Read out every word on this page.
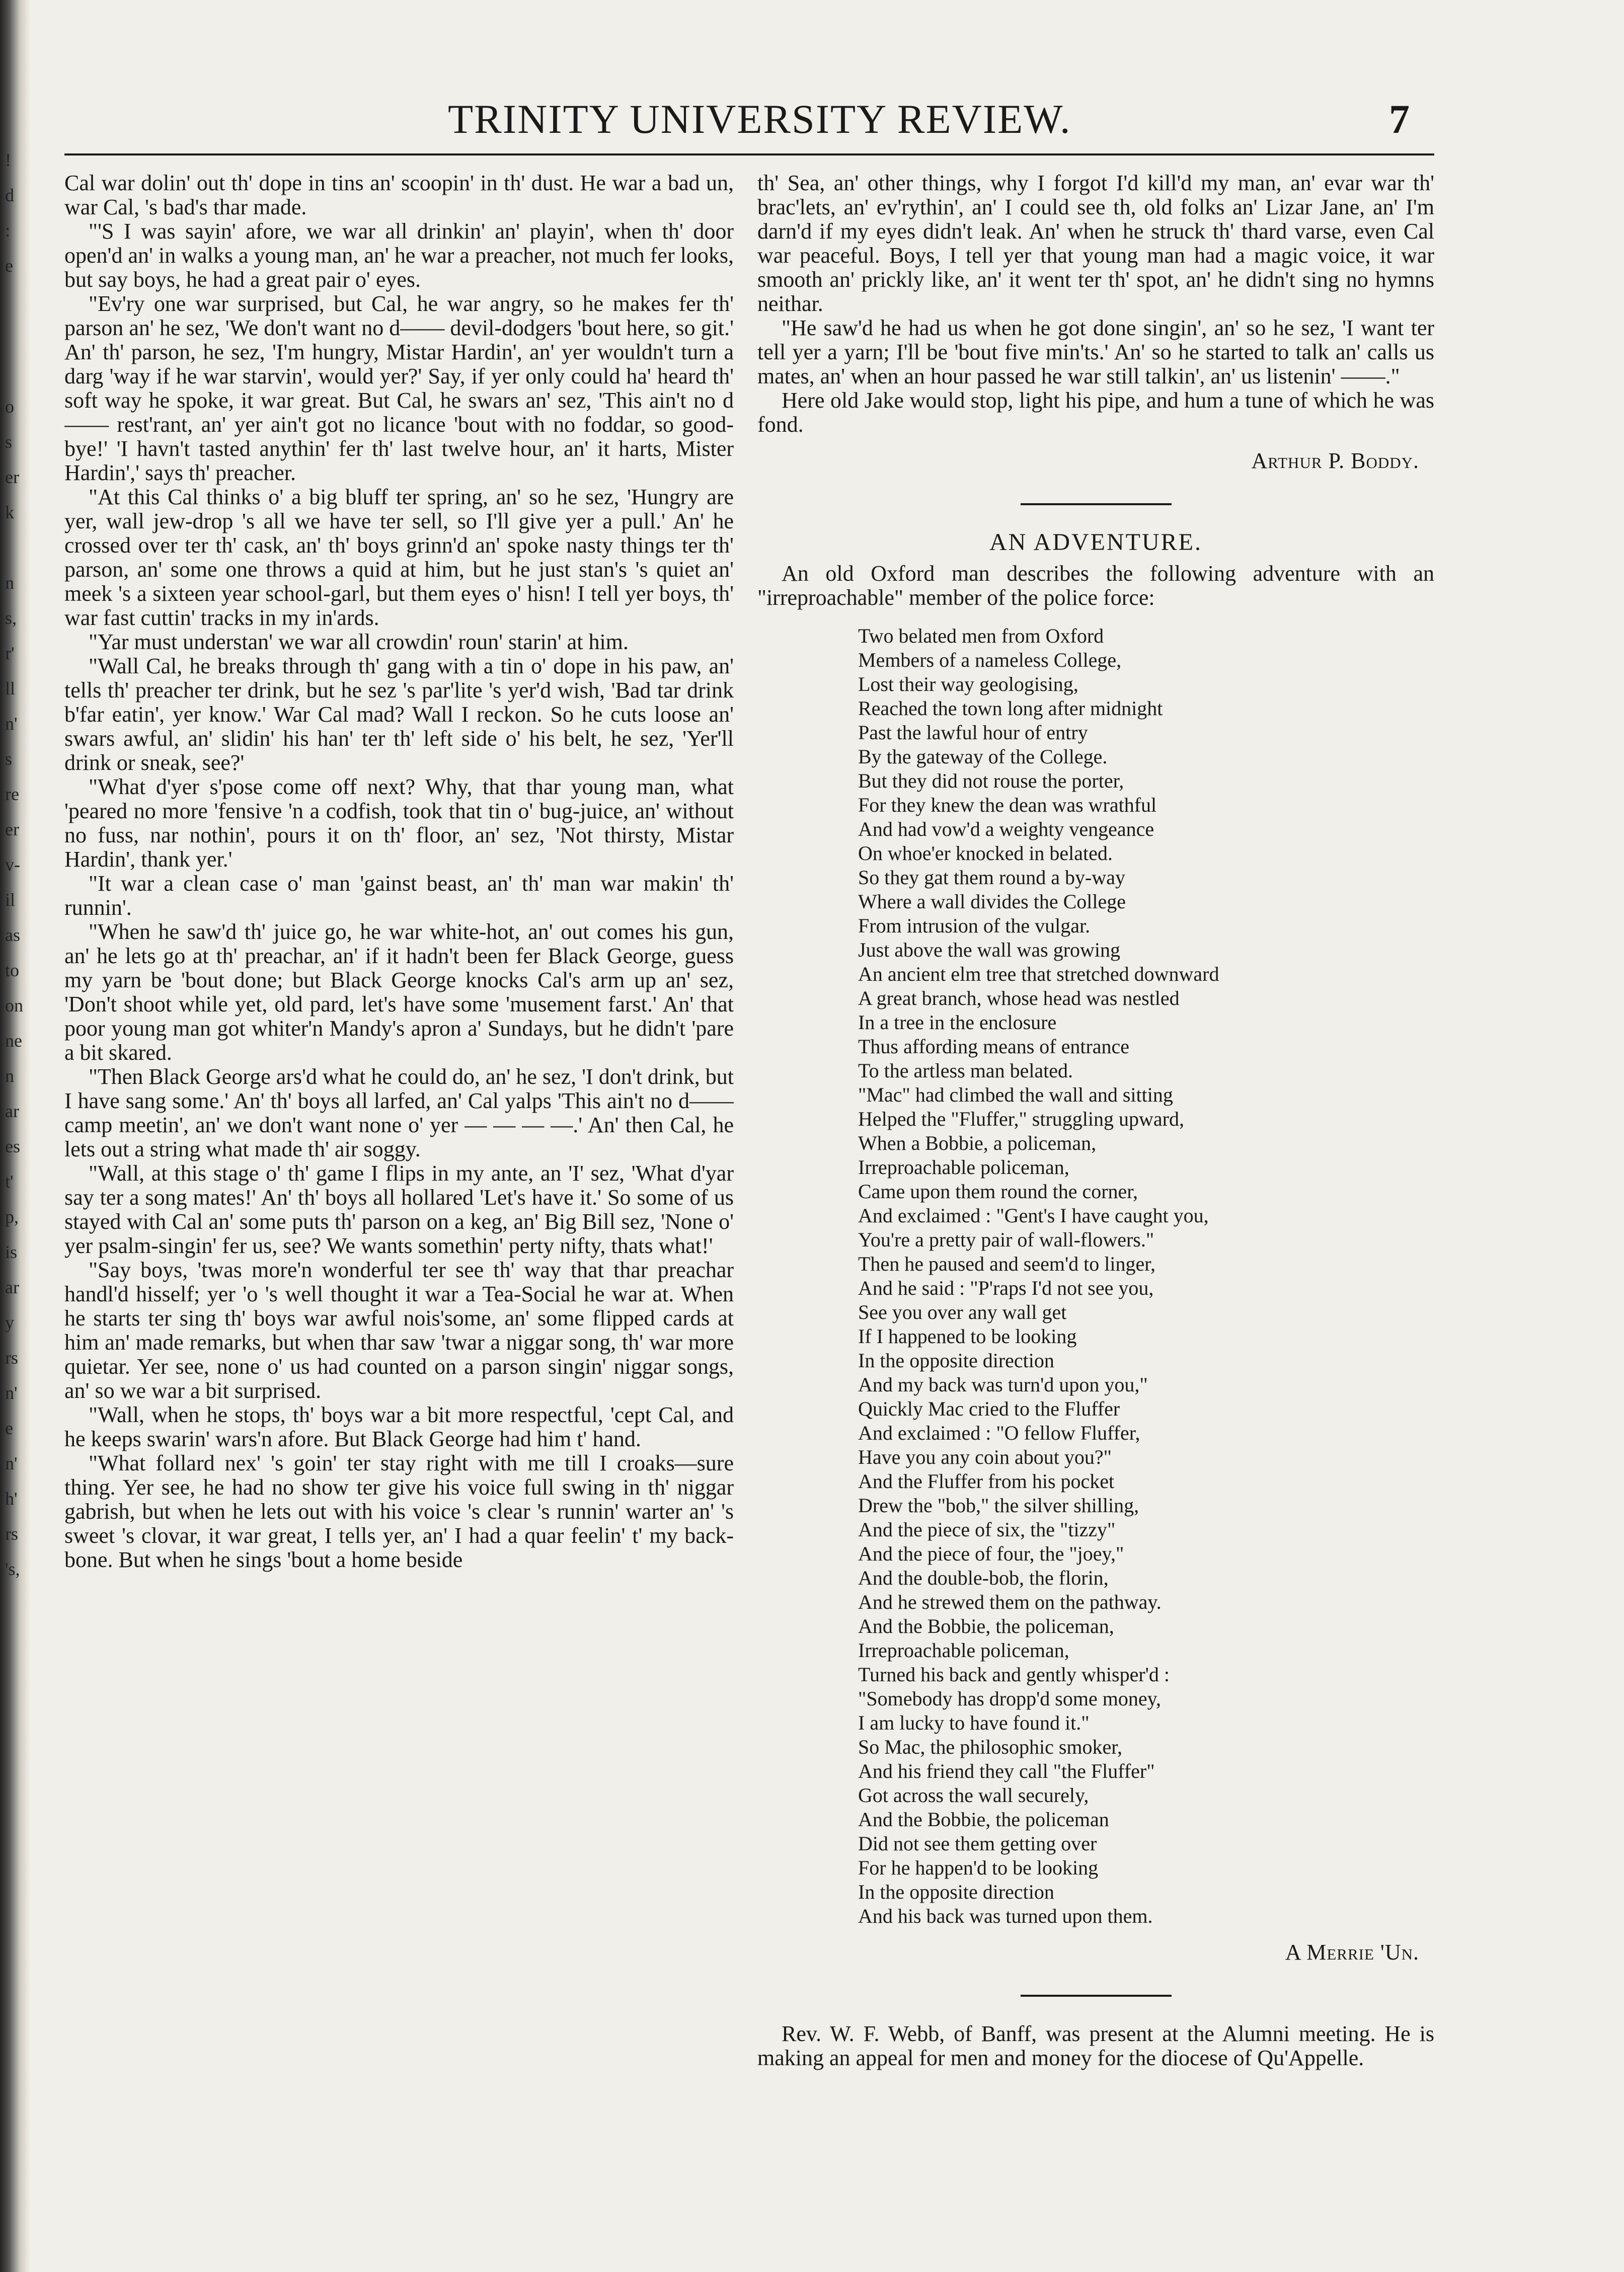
!
d
:
e
o
s
er
k
n
s,
r'
ll
n'
s
re
er
v-
il
as
to
on
ne
n
ar
es
t'
p,
is
ar
y
rs
n'
e
n'
h'
rs
's,
TRINITY UNIVERSITY REVIEW.	7

Cal war dolin' out th' dope in tins an' scoopin' in th' dust. He war a bad un, war Cal, 's bad's thar made.

"'S I was sayin' afore, we war all drinkin' an' playin', when th' door open'd an' in walks a young man, an' he war a preacher, not much fer looks, but say boys, he had a great pair o' eyes.

"Ev'ry one war surprised, but Cal, he war angry, so he makes fer th' parson an' he sez, 'We don't want no d—— devil-dodgers 'bout here, so git.' An' th' parson, he sez, 'I'm hungry, Mistar Hardin', an' yer wouldn't turn a darg 'way if he war starvin', would yer?' Say, if yer only could ha' heard th' soft way he spoke, it war great. But Cal, he swars an' sez, 'This ain't no d—— rest'rant, an' yer ain't got no licance 'bout with no foddar, so good-bye!' 'I havn't tasted anythin' fer th' last twelve hour, an' it harts, Mister Hardin',' says th' preacher.

"At this Cal thinks o' a big bluff ter spring, an' so he sez, 'Hungry are yer, wall jew-drop 's all we have ter sell, so I'll give yer a pull.' An' he crossed over ter th' cask, an' th' boys grinn'd an' spoke nasty things ter th' parson, an' some one throws a quid at him, but he just stan's 's quiet an' meek 's a sixteen year school-garl, but them eyes o' hisn! I tell yer boys, th' war fast cuttin' tracks in my in'ards.

"Yar must understan' we war all crowdin' roun' starin' at him.

"Wall Cal, he breaks through th' gang with a tin o' dope in his paw, an' tells th' preacher ter drink, but he sez 's par'lite 's yer'd wish, 'Bad tar drink b'far eatin', yer know.' War Cal mad? Wall I reckon. So he cuts loose an' swars awful, an' slidin' his han' ter th' left side o' his belt, he sez, 'Yer'll drink or sneak, see?'

"What d'yer s'pose come off next? Why, that thar young man, what 'peared no more 'fensive 'n a codfish, took that tin o' bug-juice, an' without no fuss, nar nothin', pours it on th' floor, an' sez, 'Not thirsty, Mistar Hardin', thank yer.'

"It war a clean case o' man 'gainst beast, an' th' man war makin' th' runnin'.

"When he saw'd th' juice go, he war white-hot, an' out comes his gun, an' he lets go at th' preachar, an' if it hadn't been fer Black George, guess my yarn be 'bout done; but Black George knocks Cal's arm up an' sez, 'Don't shoot while yet, old pard, let's have some 'musement farst.' An' that poor young man got whiter'n Mandy's apron a' Sundays, but he didn't 'pare a bit skared.

"Then Black George ars'd what he could do, an' he sez, 'I don't drink, but I have sang some.' An' th' boys all larfed, an' Cal yalps 'This ain't no d—— camp meetin', an' we don't want none o' yer — — — —.' An' then Cal, he lets out a string what made th' air soggy.

"Wall, at this stage o' th' game I flips in my ante, an 'I' sez, 'What d'yar say ter a song mates!' An' th' boys all hollared 'Let's have it.' So some of us stayed with Cal an' some puts th' parson on a keg, an' Big Bill sez, 'None o' yer psalm-singin' fer us, see? We wants somethin' perty nifty, thats what!'

"Say boys, 'twas more'n wonderful ter see th' way that thar preachar handl'd hisself; yer 'o 's well thought it war a Tea-Social he war at. When he starts ter sing th' boys war awful nois'some, an' some flipped cards at him an' made remarks, but when thar saw 'twar a niggar song, th' war more quietar. Yer see, none o' us had counted on a parson singin' niggar songs, an' so we war a bit surprised.

"Wall, when he stops, th' boys war a bit more respectful, 'cept Cal, and he keeps swarin' wars'n afore. But Black George had him t' hand.

"What follard nex' 's goin' ter stay right with me till I croaks—sure thing. Yer see, he had no show ter give his voice full swing in th' niggar gabrish, but when he lets out with his voice 's clear 's runnin' warter an' 's sweet 's clovar, it war great, I tells yer, an' I had a quar feelin' t' my back-bone. But when he sings 'bout a home beside

th' Sea, an' other things, why I forgot I'd kill'd my man, an' evar war th' brac'lets, an' ev'rythin', an' I could see th, old folks an' Lizar Jane, an' I'm darn'd if my eyes didn't leak. An' when he struck th' thard varse, even Cal war peaceful. Boys, I tell yer that young man had a magic voice, it war smooth an' prickly like, an' it went ter th' spot, an' he didn't sing no hymns neithar.

"He saw'd he had us when he got done singin', an' so he sez, 'I want ter tell yer a yarn; I'll be 'bout five min'ts.' An' so he started to talk an' calls us mates, an' when an hour passed he war still talkin', an' us listenin' ——."

Here old Jake would stop, light his pipe, and hum a tune of which he was fond.

Arthur P. Boddy.
AN ADVENTURE.

An old Oxford man describes the following adventure with an "irreproachable" member of the police force:

Two belated men from Oxford
Members of a nameless College,
Lost their way geologising,
Reached the town long after midnight
Past the lawful hour of entry
By the gateway of the College.
But they did not rouse the porter,
For they knew the dean was wrathful
And had vow'd a weighty vengeance
On whoe'er knocked in belated.
So they gat them round a by-way
Where a wall divides the College
From intrusion of the vulgar.
Just above the wall was growing
An ancient elm tree that stretched downward
A great branch, whose head was nestled
In a tree in the enclosure
Thus affording means of entrance
To the artless man belated.
"Mac" had climbed the wall and sitting
Helped the "Fluffer," struggling upward,
When a Bobbie, a policeman,
Irreproachable policeman,
Came upon them round the corner,
And exclaimed : "Gent's I have caught you,
You're a pretty pair of wall-flowers."
Then he paused and seem'd to linger,
And he said : "P'raps I'd not see you,
See you over any wall get
If I happened to be looking
In the opposite direction
And my back was turn'd upon you,"
Quickly Mac cried to the Fluffer
And exclaimed : "O fellow Fluffer,
Have you any coin about you?"
And the Fluffer from his pocket
Drew the "bob," the silver shilling,
And the piece of six, the "tizzy"
And the piece of four, the "joey,"
And the double-bob, the florin,
And he strewed them on the pathway.
And the Bobbie, the policeman,
Irreproachable policeman,
Turned his back and gently whisper'd :
"Somebody has dropp'd some money,
I am lucky to have found it."
So Mac, the philosophic smoker,
And his friend they call "the Fluffer"
Got across the wall securely,
And the Bobbie, the policeman
Did not see them getting over
For he happen'd to be looking
In the opposite direction
And his back was turned upon them.
A Merrie 'Un.

Rev. W. F. Webb, of Banff, was present at the Alumni meeting. He is making an appeal for men and money for the diocese of Qu'Appelle.
